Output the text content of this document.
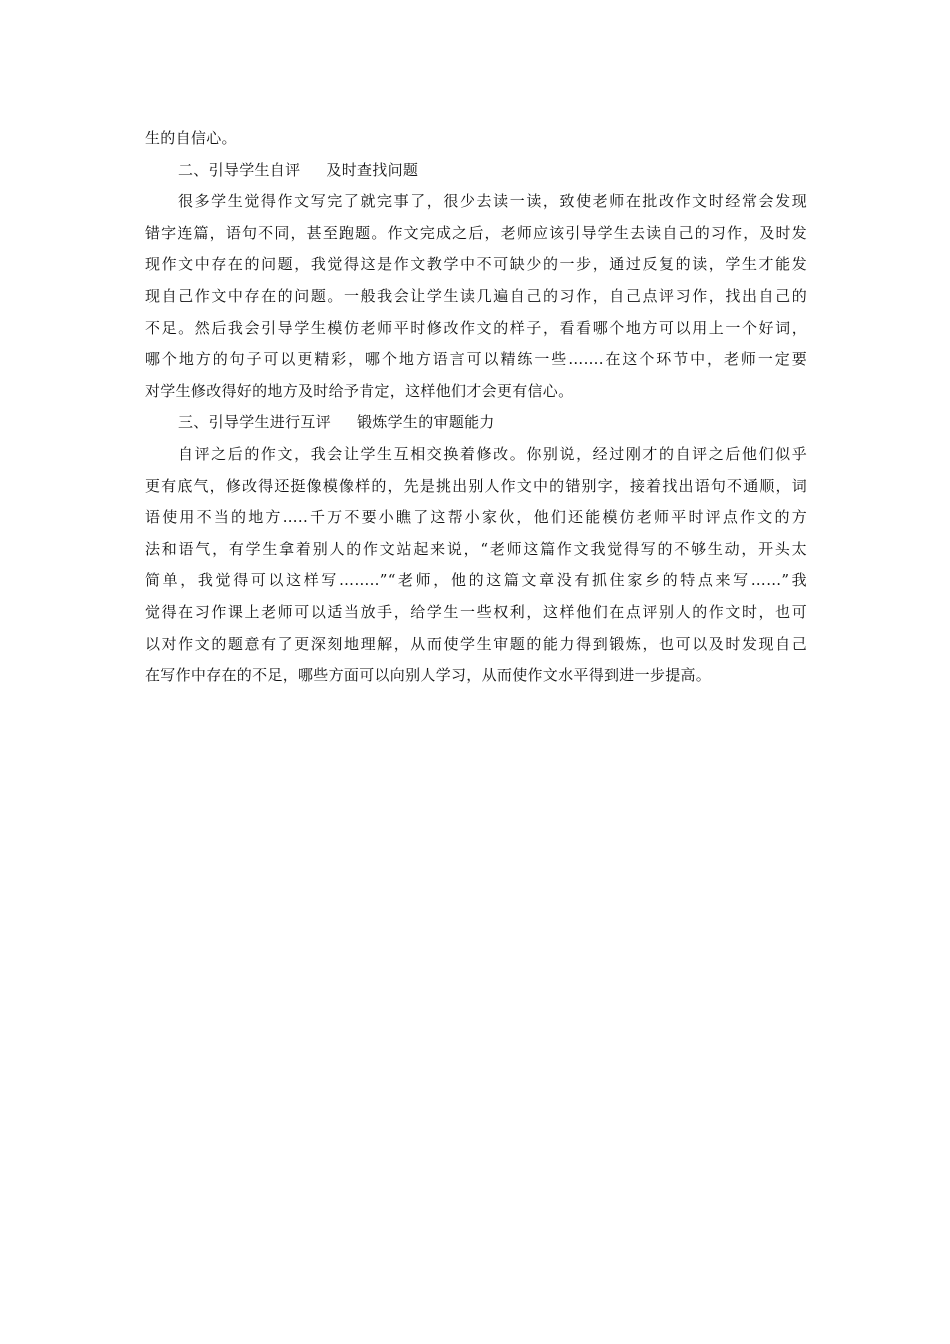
生的自信心。
二、引导学生自评 及时查找问题
很多学生觉得作文写完了就完事了，很少去读一读，致使老师在批改作文时经常会发现
错字连篇，语句不同，甚至跑题。作文完成之后，老师应该引导学生去读自己的习作，及时发
现作文中存在的问题，我觉得这是作文教学中不可缺少的一步，通过反复的读，学生才能发
现自己作文中存在的问题。一般我会让学生读几遍自己的习作，自己点评习作，找出自己的
不足。然后我会引导学生模仿老师平时修改作文的样子，看看哪个地方可以用上一个好词，
哪个地方的句子可以更精彩，哪个地方语言可以精练一些…….在这个环节中，老师一定要
对学生修改得好的地方及时给予肯定，这样他们才会更有信心。
三、引导学生进行互评 锻炼学生的审题能力
自评之后的作文，我会让学生互相交换着修改。你别说，经过刚才的自评之后他们似乎
更有底气，修改得还挺像模像样的，先是挑出别人作文中的错别字，接着找出语句不通顺，词
语使用不当的地方…..千万不要小瞧了这帮小家伙，他们还能模仿老师平时评点作文的方
法和语气，有学生拿着别人的作文站起来说，“老师这篇作文我觉得写的不够生动，开头太
简单，我觉得可以这样写……..”“老师，他的这篇文章没有抓住家乡的特点来写……”我
觉得在习作课上老师可以适当放手，给学生一些权利，这样他们在点评别人的作文时，也可
以对作文的题意有了更深刻地理解，从而使学生审题的能力得到锻炼，也可以及时发现自己
在写作中存在的不足，哪些方面可以向别人学习，从而使作文水平得到进一步提高。
